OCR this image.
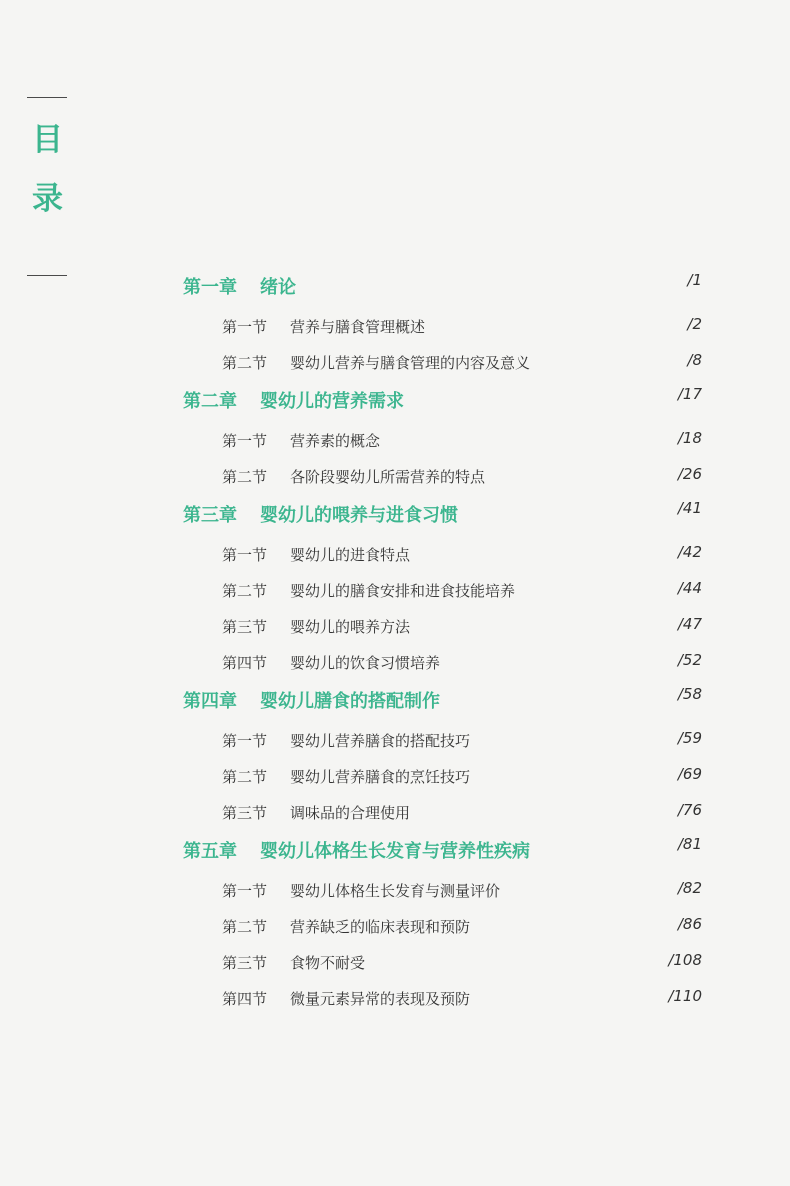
目
录
第一章 绪论	/1
第一节 营养与膳食管理概述	/2
第二节 婴幼儿营养与膳食管理的内容及意义	/8
第二章 婴幼儿的营养需求	/17
第一节 营养素的概念	/18
第二节 各阶段婴幼儿所需营养的特点	/26
第三章 婴幼儿的喂养与进食习惯	/41
第一节 婴幼儿的进食特点	/42
第二节 婴幼儿的膳食安排和进食技能培养	/44
第三节 婴幼儿的喂养方法	/47
第四节 婴幼儿的饮食习惯培养	/52
第四章 婴幼儿膳食的搭配制作	/58
第一节 婴幼儿营养膳食的搭配技巧	/59
第二节 婴幼儿营养膳食的烹饪技巧	/69
第三节 调味品的合理使用	/76
第五章 婴幼儿体格生长发育与营养性疾病	/81
第一节 婴幼儿体格生长发育与测量评价	/82
第二节 营养缺乏的临床表现和预防	/86
第三节 食物不耐受	/108
第四节 微量元素异常的表现及预防	/110
